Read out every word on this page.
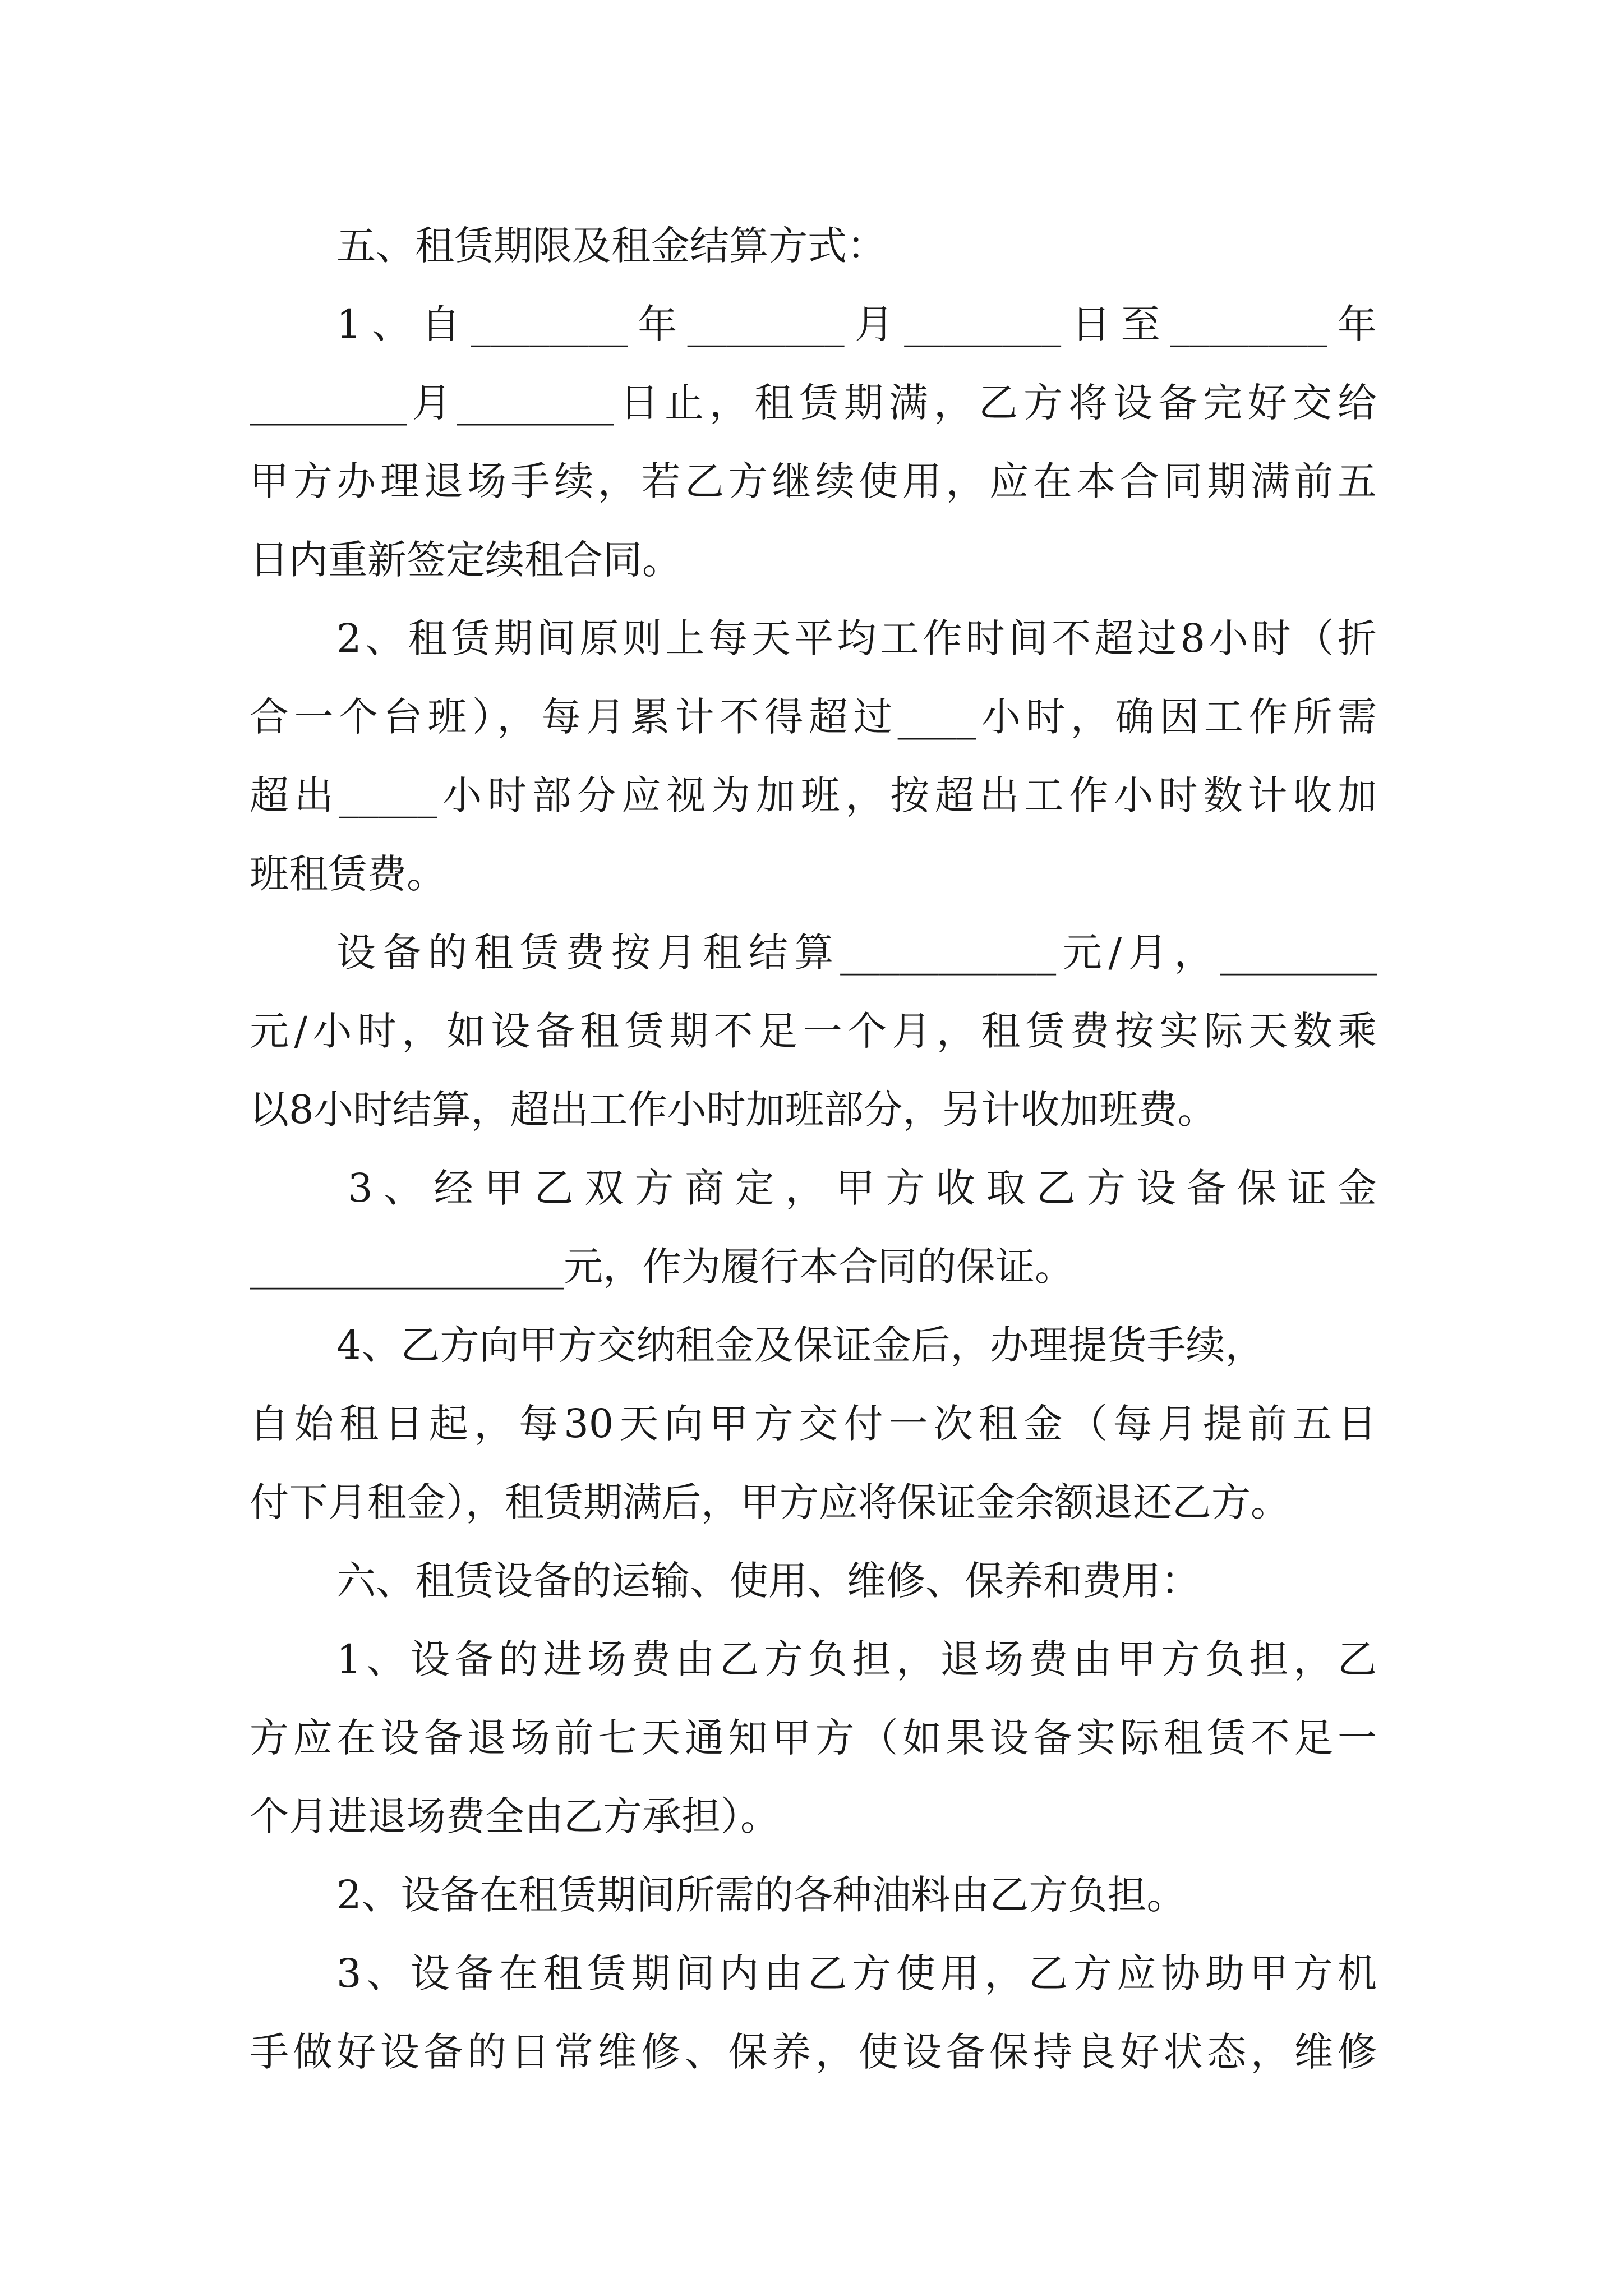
五、租赁期限及租金结算方式：
1、自________年________月________日至________年
________月________日止，租赁期满，乙方将设备完好交给
甲方办理退场手续，若乙方继续使用，应在本合同期满前五
日内重新签定续租合同。
2、租赁期间原则上每天平均工作时间不超过8小时（折
合一个台班），每月累计不得超过____小时，确因工作所需
超出_____小时部分应视为加班，按超出工作小时数计收加
班租赁费。
设备的租赁费按月租结算___________元/月，________
元/小时，如设备租赁期不足一个月，租赁费按实际天数乘
以8小时结算，超出工作小时加班部分，另计收加班费。
3、经甲乙双方商定，甲方收取乙方设备保证金
________________元，作为履行本合同的保证。
4、乙方向甲方交纳租金及保证金后，办理提货手续，
自始租日起，每30天向甲方交付一次租金（每月提前五日
付下月租金），租赁期满后，甲方应将保证金余额退还乙方。
六、租赁设备的运输、使用、维修、保养和费用：
1、设备的进场费由乙方负担，退场费由甲方负担，乙
方应在设备退场前七天通知甲方（如果设备实际租赁不足一
个月进退场费全由乙方承担）。
2、设备在租赁期间所需的各种油料由乙方负担。
3、设备在租赁期间内由乙方使用，乙方应协助甲方机
手做好设备的日常维修、保养，使设备保持良好状态，维修
